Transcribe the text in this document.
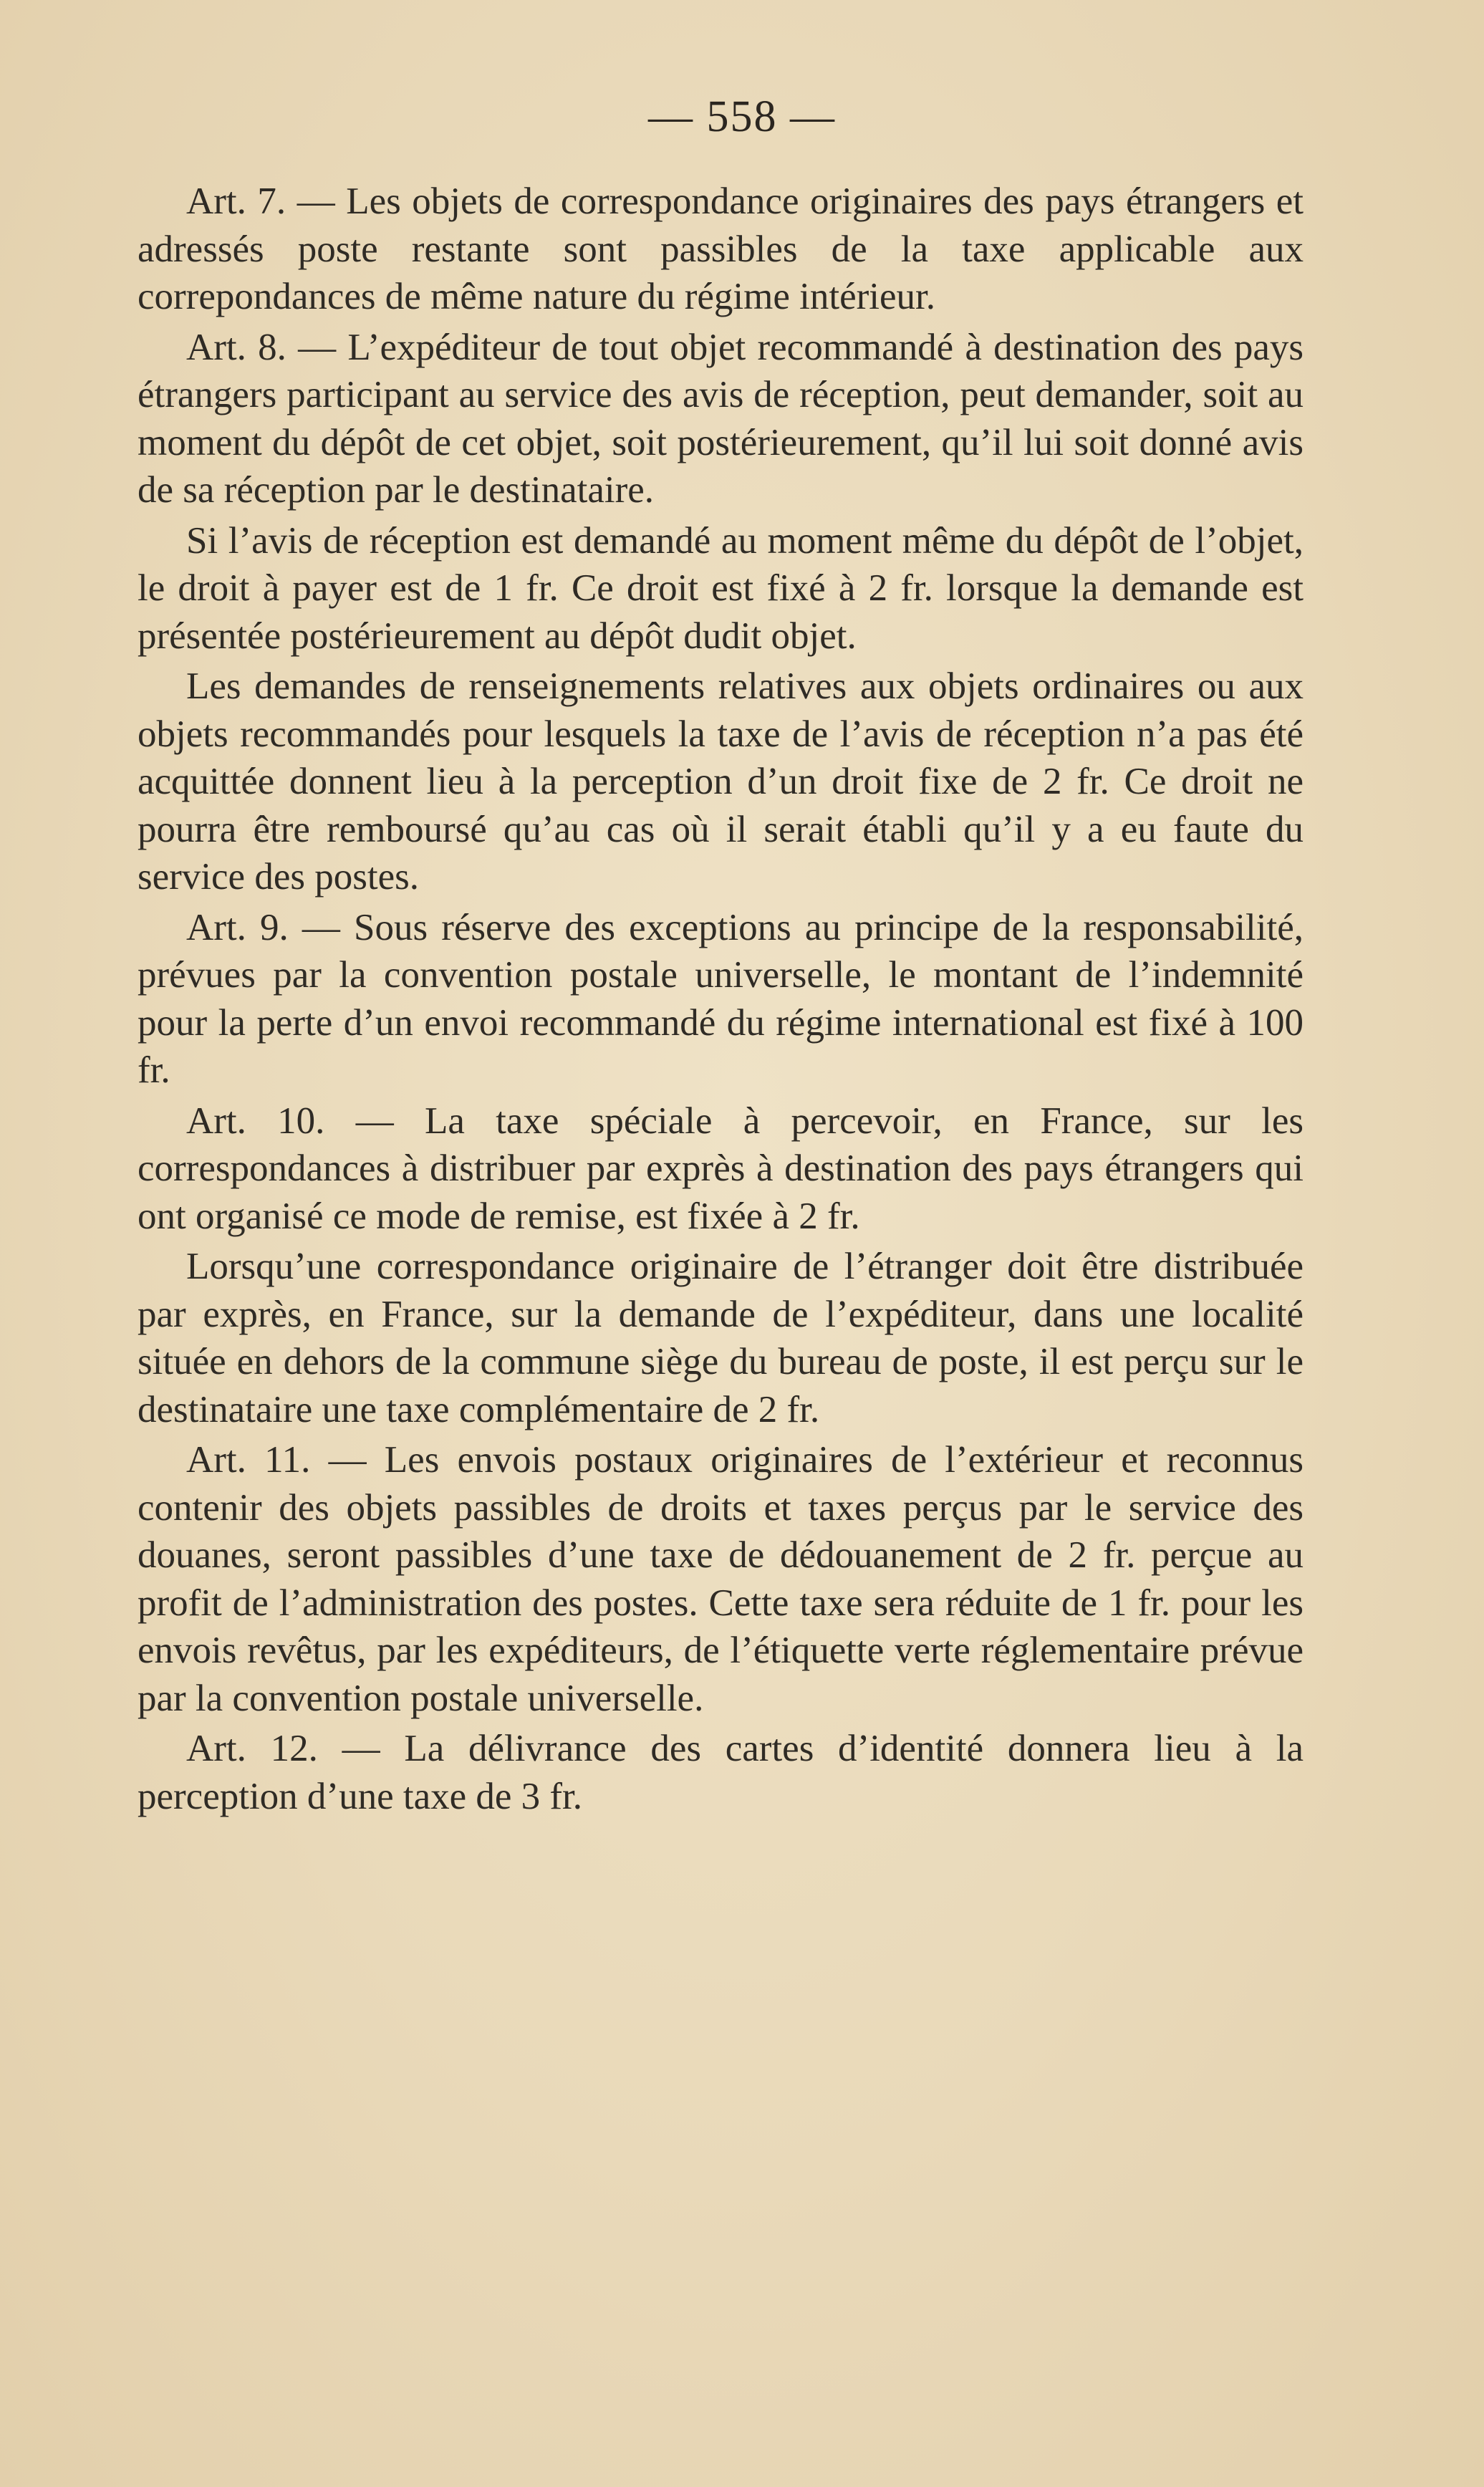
— 558 —

Art. 7. — Les objets de correspondance originaires des pays étrangers et adressés poste restante sont passibles de la taxe applicable aux correpondances de même nature du régime intérieur.

Art. 8. — L’expéditeur de tout objet recommandé à destination des pays étrangers participant au service des avis de réception, peut demander, soit au moment du dépôt de cet objet, soit postérieurement, qu’il lui soit donné avis de sa réception par le destinataire.

Si l’avis de réception est demandé au moment même du dépôt de l’objet, le droit à payer est de 1 fr. Ce droit est fixé à 2 fr. lorsque la demande est présentée postérieurement au dépôt dudit objet.

Les demandes de renseignements relatives aux objets ordinaires ou aux objets recommandés pour lesquels la taxe de l’avis de réception n’a pas été acquittée donnent lieu à la perception d’un droit fixe de 2 fr. Ce droit ne pourra être remboursé qu’au cas où il serait établi qu’il y a eu faute du service des postes.

Art. 9. — Sous réserve des exceptions au principe de la responsabilité, prévues par la convention postale universelle, le montant de l’indemnité pour la perte d’un envoi recommandé du régime international est fixé à 100 fr.

Art. 10. — La taxe spéciale à percevoir, en France, sur les correspondances à distribuer par exprès à destination des pays étrangers qui ont organisé ce mode de remise, est fixée à 2 fr.

Lorsqu’une correspondance originaire de l’étranger doit être distribuée par exprès, en France, sur la demande de l’expéditeur, dans une localité située en dehors de la commune siège du bureau de poste, il est perçu sur le destinataire une taxe complémentaire de 2 fr.

Art. 11. — Les envois postaux originaires de l’extérieur et reconnus contenir des objets passibles de droits et taxes perçus par le service des douanes, seront passibles d’une taxe de dédouanement de 2 fr. perçue au profit de l’administration des postes. Cette taxe sera réduite de 1 fr. pour les envois revêtus, par les expéditeurs, de l’étiquette verte réglementaire prévue par la convention postale universelle.

Art. 12. — La délivrance des cartes d’identité donnera lieu à la perception d’une taxe de 3 fr.
